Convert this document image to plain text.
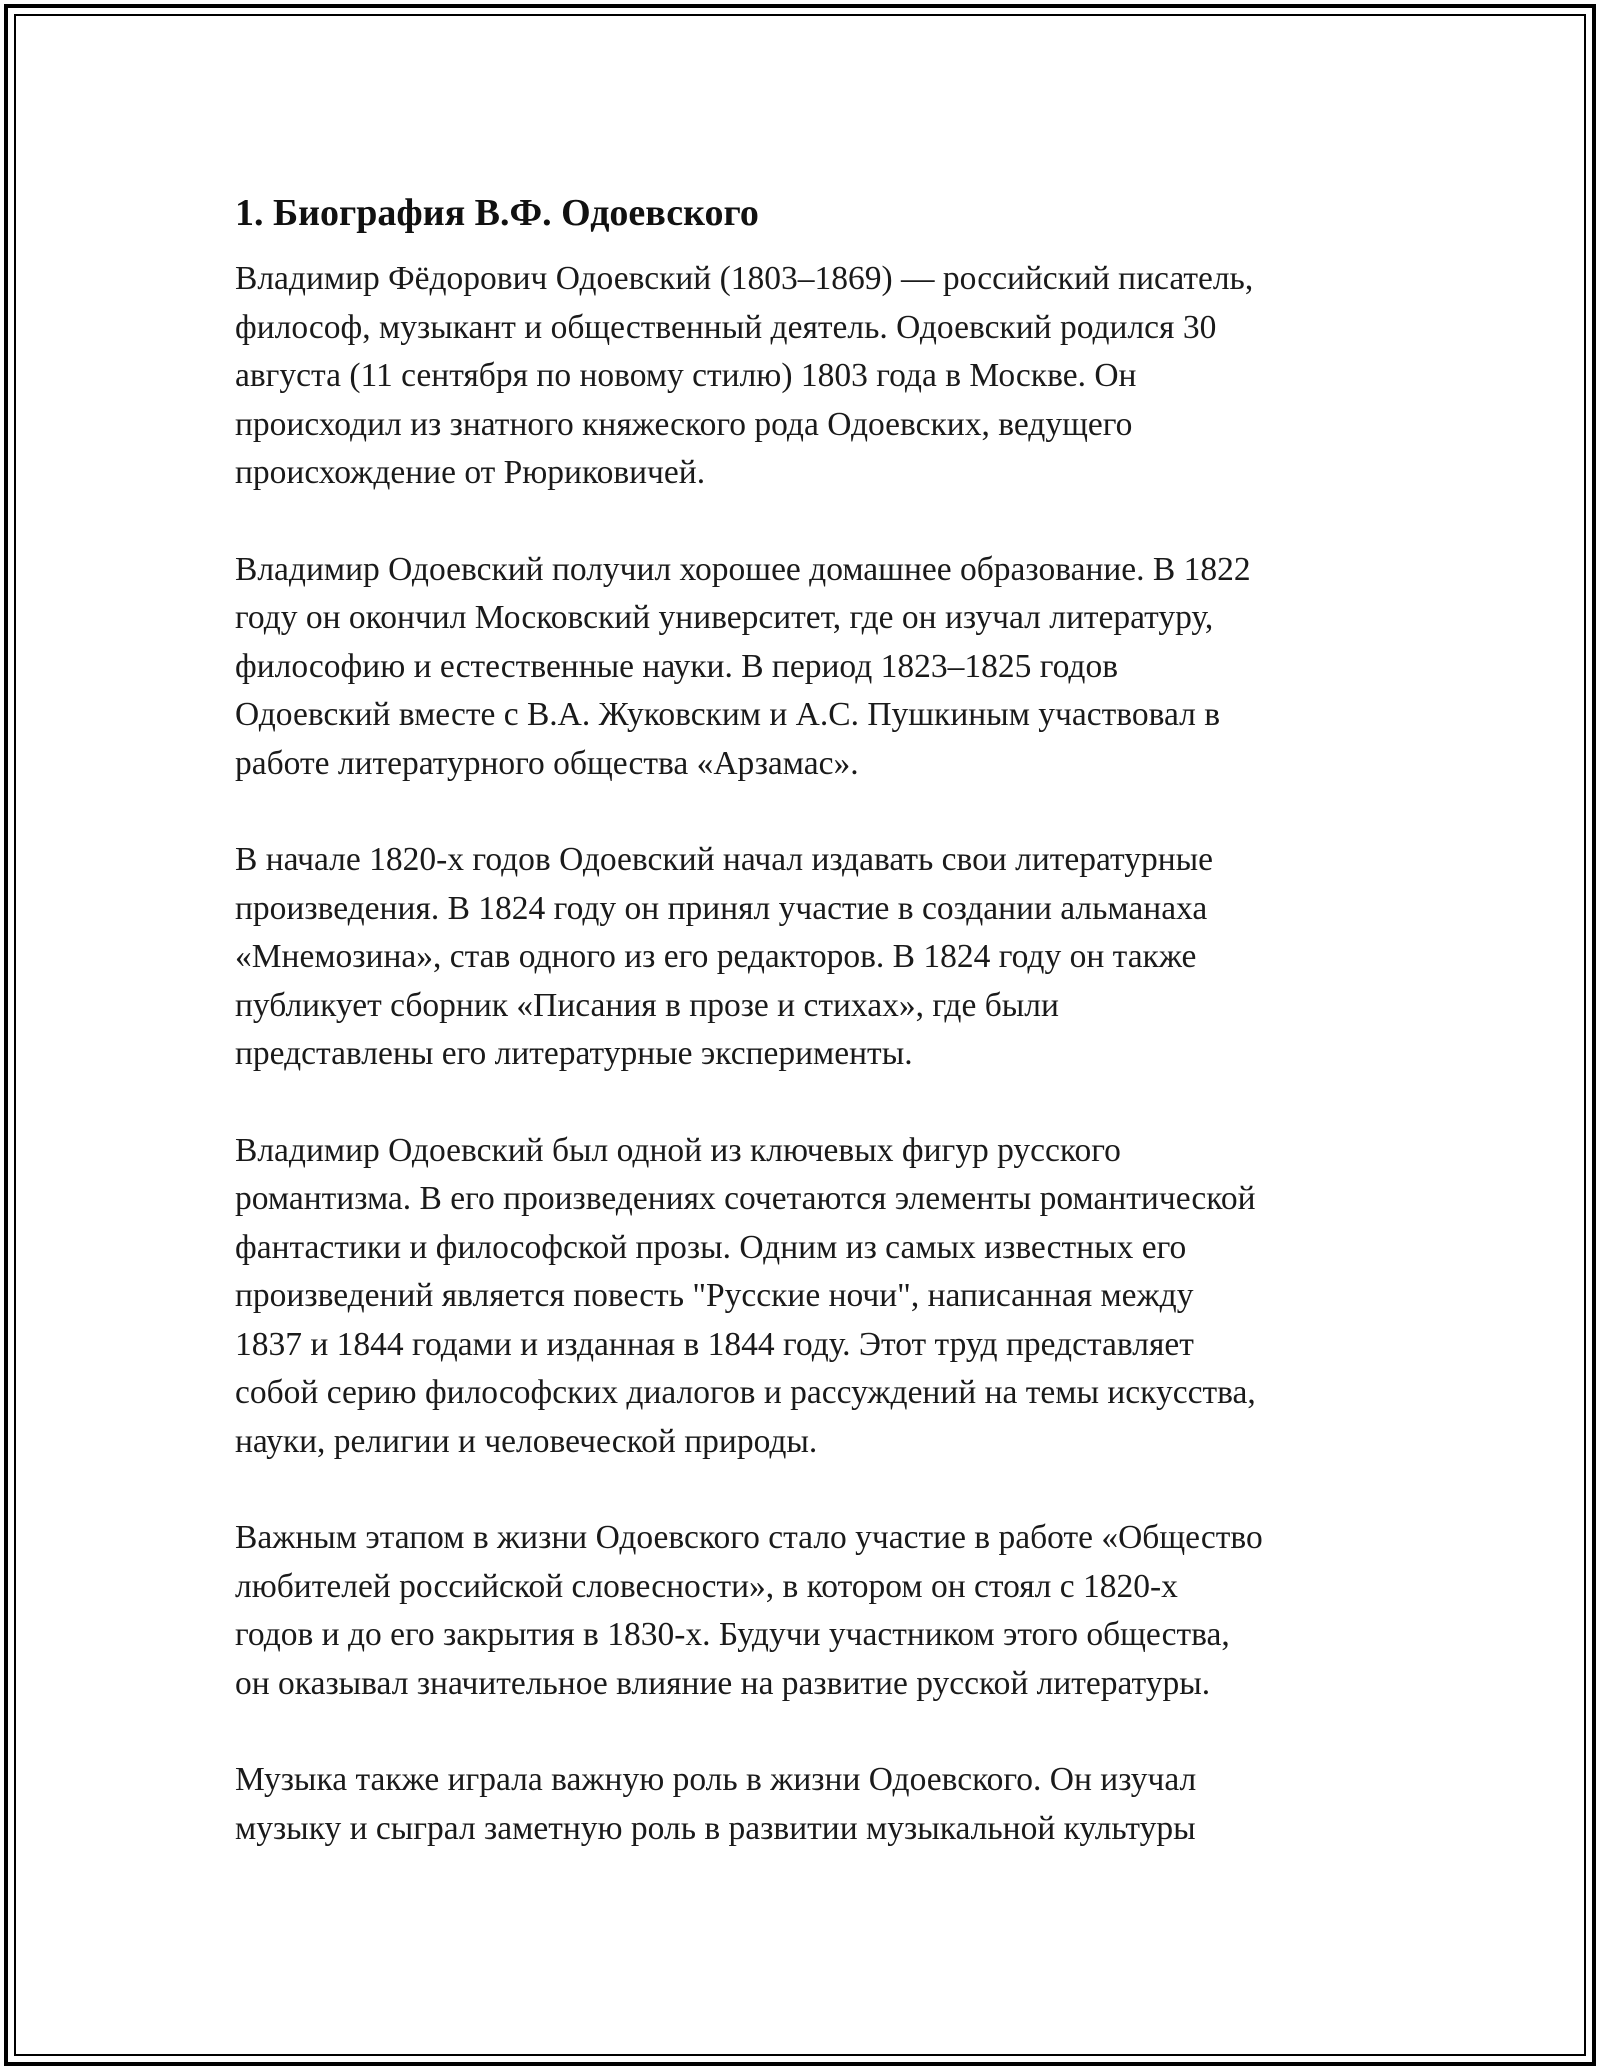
1. Биография В.Ф. Одоевского
Владимир Фёдорович Одоевский (1803–1869) — российский писатель,
философ, музыкант и общественный деятель. Одоевский родился 30
августа (11 сентября по новому стилю) 1803 года в Москве. Он
происходил из знатного княжеского рода Одоевских, ведущего
происхождение от Рюриковичей.
Владимир Одоевский получил хорошее домашнее образование. В 1822
году он окончил Московский университет, где он изучал литературу,
философию и естественные науки. В период 1823–1825 годов
Одоевский вместе с В.А. Жуковским и А.С. Пушкиным участвовал в
работе литературного общества «Арзамас».
В начале 1820-х годов Одоевский начал издавать свои литературные
произведения. В 1824 году он принял участие в создании альманаха
«Мнемозина», став одного из его редакторов. В 1824 году он также
публикует сборник «Писания в прозе и стихах», где были
представлены его литературные эксперименты.
Владимир Одоевский был одной из ключевых фигур русского
романтизма. В его произведениях сочетаются элементы романтической
фантастики и философской прозы. Одним из самых известных его
произведений является повесть "Русские ночи", написанная между
1837 и 1844 годами и изданная в 1844 году. Этот труд представляет
собой серию философских диалогов и рассуждений на темы искусства,
науки, религии и человеческой природы.
Важным этапом в жизни Одоевского стало участие в работе «Общество
любителей российской словесности», в котором он стоял с 1820-х
годов и до его закрытия в 1830-х. Будучи участником этого общества,
он оказывал значительное влияние на развитие русской литературы.
Музыка также играла важную роль в жизни Одоевского. Он изучал
музыку и сыграл заметную роль в развитии музыкальной культуры
